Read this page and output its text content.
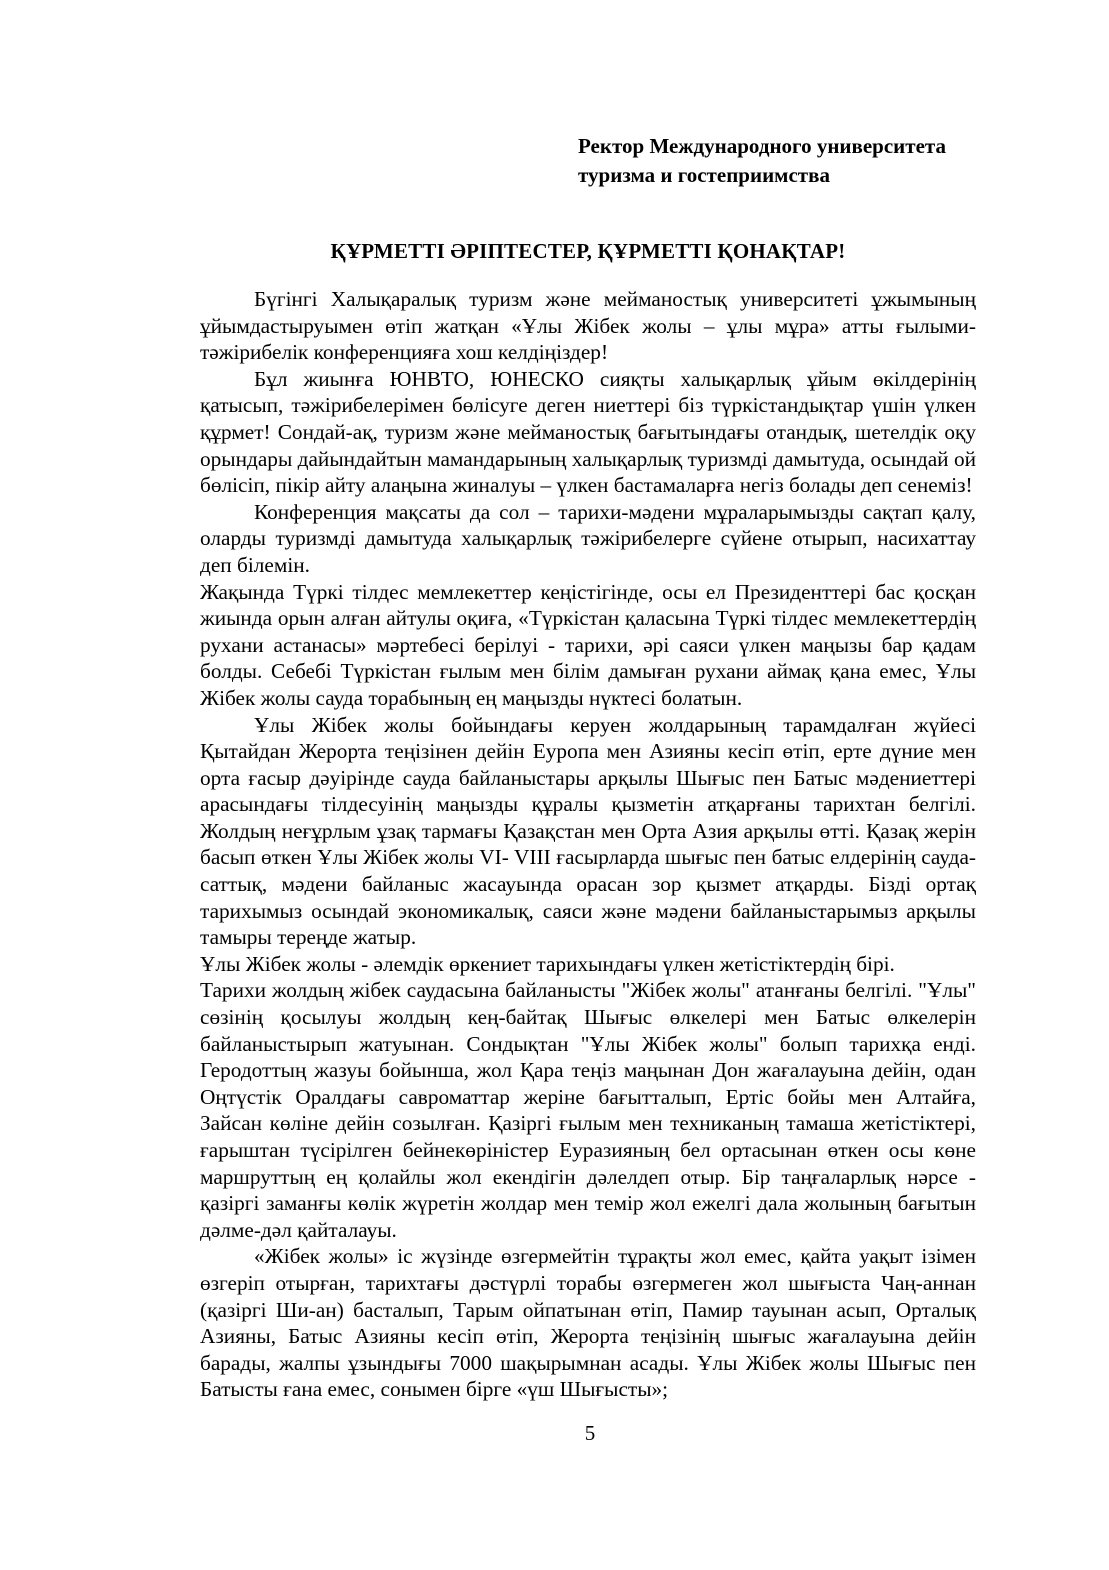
Ректор Международного университета
туризма и гостеприимства
ҚҰРМЕТТІ ӘРІПТЕСТЕР, ҚҰРМЕТТІ ҚОНАҚТАР!

Бүгінгі Халықаралық туризм және мейманостық университеті ұжымының ұйымдастыруымен өтіп жатқан «Ұлы Жібек жолы – ұлы мұра» атты ғылыми-тәжірибелік конференцияға хош келдіңіздер!

Бұл жиынға ЮНВТО, ЮНЕСКО сияқты халықарлық ұйым өкілдерінің қатысып, тәжірибелерімен бөлісуге деген ниеттері біз түркістандықтар үшін үлкен құрмет! Сондай-ақ, туризм және мейманостық бағытындағы отандық, шетелдік оқу орындары дайындайтын мамандарының халықарлық туризмді дамытуда, осындай ой бөлісіп, пікір айту алаңына жиналуы – үлкен бастамаларға негіз болады деп сенеміз!

Конференция мақсаты да сол – тарихи-мәдени мұраларымызды сақтап қалу, оларды туризмді дамытуда халықарлық тәжірибелерге сүйене отырып, насихаттау деп білемін.

Жақында Түркі тілдес мемлекеттер кеңістігінде, осы ел Президенттері бас қосқан жиында орын алған айтулы оқиға, «Түркістан қаласына Түркі тілдес мемлекеттердің рухани астанасы» мәртебесі берілуі - тарихи, әрі саяси үлкен маңызы бар қадам болды. Себебі Түркістан ғылым мен білім дамыған рухани аймақ қана емес, Ұлы Жібек жолы сауда торабының ең маңызды нүктесі болатын.

Ұлы Жібек жолы бойындағы керуен жолдарының тарамдалған жүйесі Қытайдан Жерорта теңізінен дейін Еуропа мен Азияны кесіп өтіп, ерте дүние мен орта ғасыр дәуірінде сауда байланыстары арқылы Шығыс пен Батыс мәдениеттері арасындағы тілдесуінің маңызды құралы қызметін атқарғаны тарихтан белгілі. Жолдың неғұрлым ұзақ тармағы Қазақстан мен Орта Азия арқылы өтті. Қазақ жерін басып өткен Ұлы Жібек жолы VI- VIII ғасырларда шығыс пен батыс елдерінің сауда-саттық, мәдени байланыс жасауында орасан зор қызмет атқарды. Бізді ортақ тарихымыз осындай экономикалық, саяси және мәдени байланыстарымыз арқылы тамыры тереңде жатыр.

Ұлы Жібек жолы - әлемдік өркениет тарихындағы үлкен жетістіктердің бірі.

Тарихи жолдың жібек саудасына байланысты "Жібек жолы" атанғаны белгілі. "Ұлы" сөзінің қосылуы жолдың кең-байтақ Шығыс өлкелері мен Батыс өлкелерін байланыстырып жатуынан. Сондықтан "Ұлы Жібек жолы" болып тарихқа енді. Геродоттың жазуы бойынша, жол Қара теңіз маңынан Дон жағалауына дейін, одан Оңтүстік Оралдағы савроматтар жеріне бағытталып, Ертіс бойы мен Алтайға, Зайсан көліне дейін созылған. Қазіргі ғылым мен техниканың тамаша жетістіктері, ғарыштан түсірілген бейнекөріністер Еуразияның бел ортасынан өткен осы көне маршруттың ең қолайлы жол екендігін дәлелдеп отыр. Бір таңғаларлық нәрсе - қазіргі заманғы көлік жүретін жолдар мен темір жол ежелгі дала жолының бағытын дәлме-дәл қайталауы.

«Жібек жолы» іс жүзінде өзгермейтін тұрақты жол емес, қайта уақыт ізімен өзгеріп отырған, тарихтағы дәстүрлі торабы өзгермеген жол шығыста Чаң-аннан (қазіргі Ши-ан) басталып, Тарым ойпатынан өтіп, Памир тауынан асып, Орталық Азияны, Батыс Азияны кесіп өтіп, Жерорта теңізінің шығыс жағалауына дейін барады, жалпы ұзындығы 7000 шақырымнан асады. Ұлы Жібек жолы Шығыс пен Батысты ғана емес, сонымен бірге «үш Шығысты»;

5
